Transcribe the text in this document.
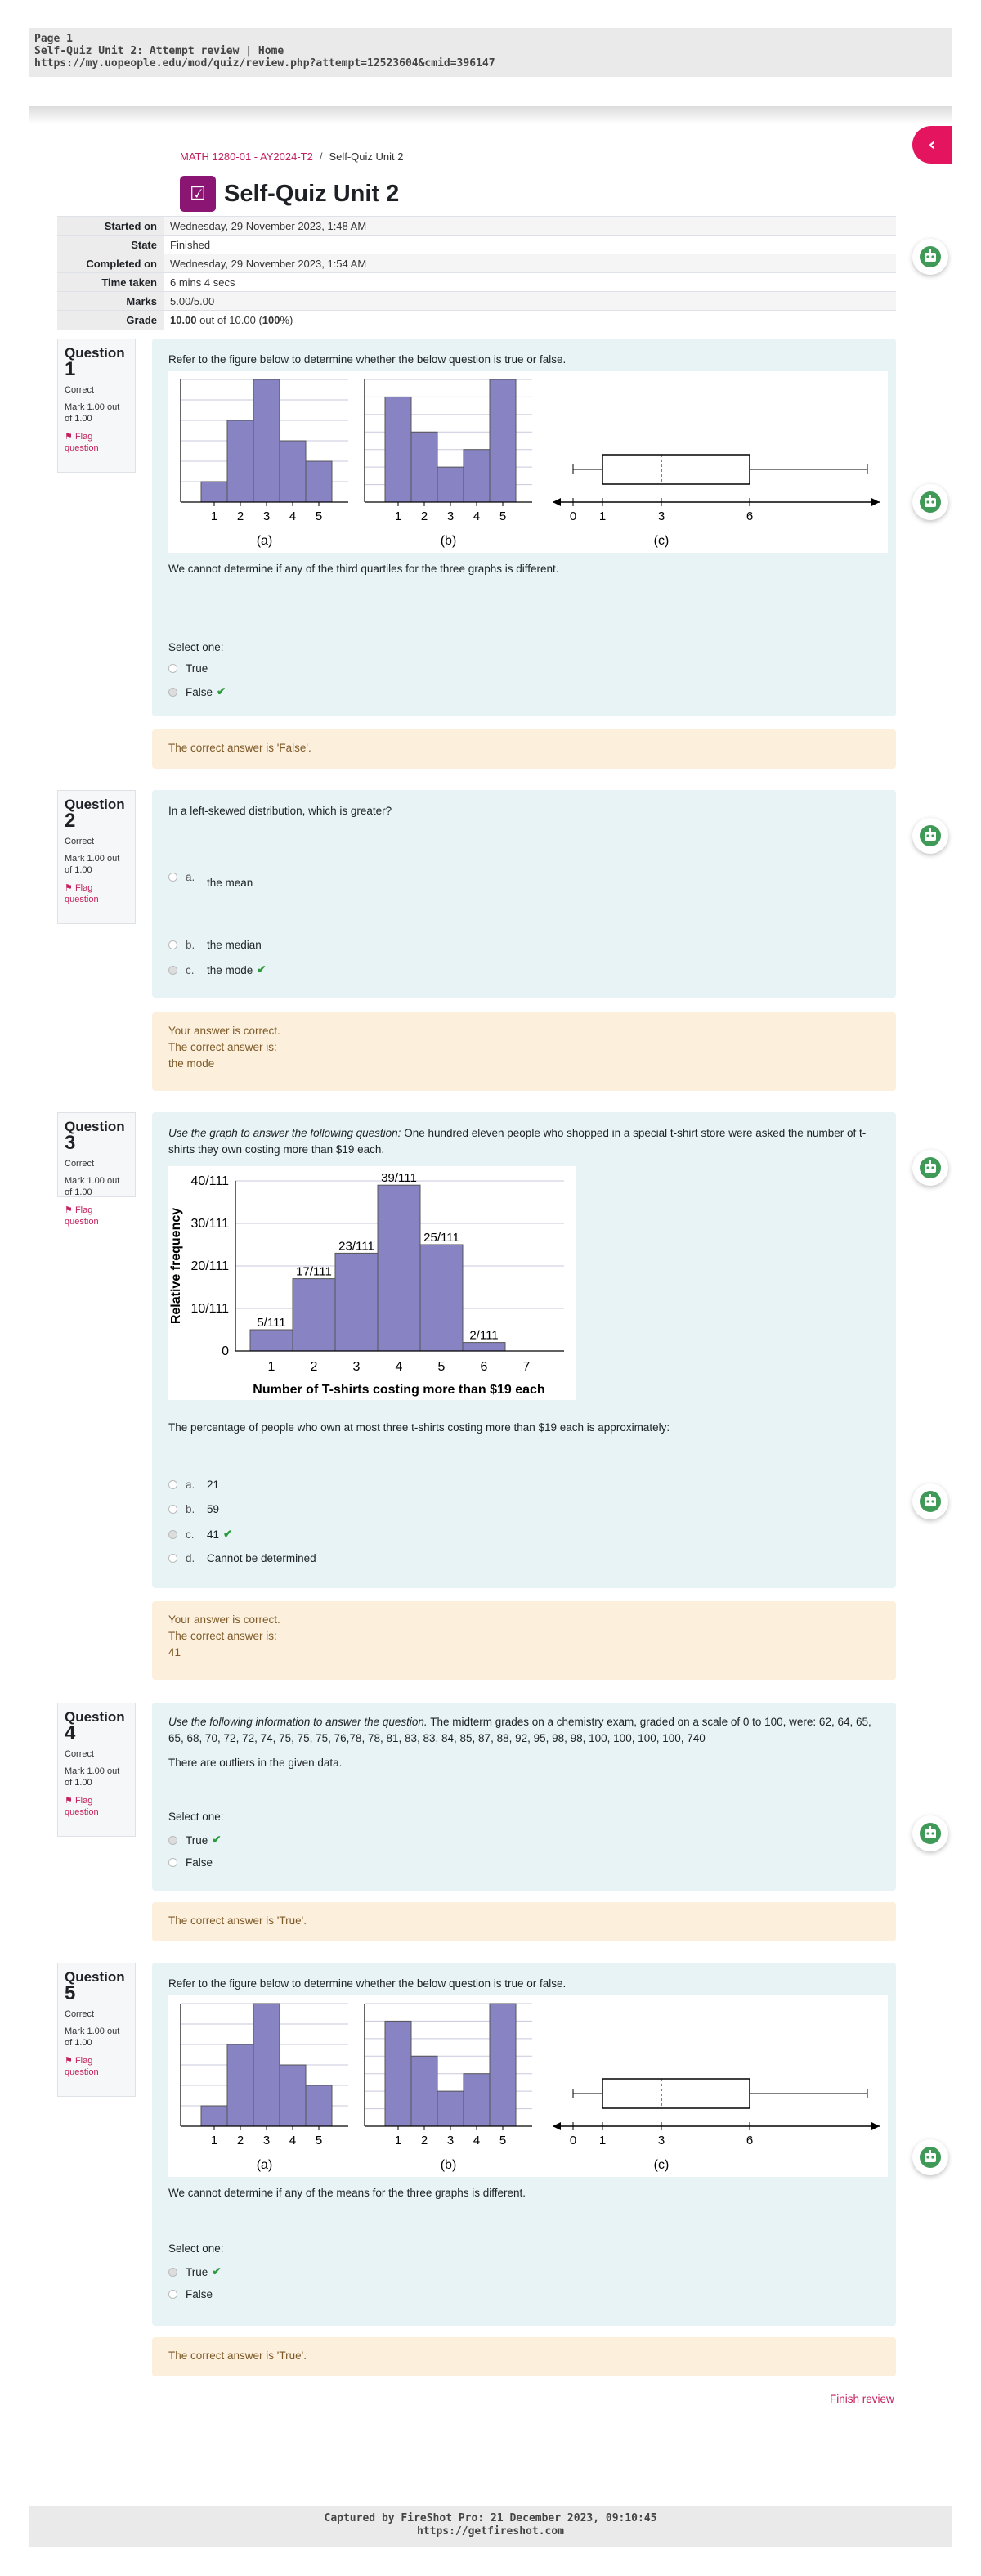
Page 1
Self-Quiz Unit 2: Attempt review | Home
https://my.uopeople.edu/mod/quiz/review.php?attempt=12523604&cmid=396147
‹
MATH 1280-01 - AY2024-T2 / Self-Quiz Unit 2
☑ Self-Quiz Unit 2
Started on	Wednesday, 29 November 2023, 1:48 AM
State	Finished
Completed on	Wednesday, 29 November 2023, 1:54 AM
Time taken	6 mins 4 secs
Marks	5.00/5.00
Grade	10.00 out of 10.00 (100%)
Question
1
Correct
Mark 1.00 out of 1.00
⚑ Flag question
Refer to the figure below to determine whether the below question is true or false.
1 2 3 4 5
(a)
1 2 3 4 5
(b)
0 1	3	6
(c)
We cannot determine if any of the third quartiles for the three graphs is different.
Select one:
True
False ✔
The correct answer is 'False'.
Question
2
Correct
Mark 1.00 out of 1.00
⚑ Flag question
In a left-skewed distribution, which is greater?
a.	the mean
b.	the median
c.	the mode ✔
Your answer is correct.
The correct answer is:
the mode
Question
3
Correct
Mark 1.00 out of 1.00
⚑ Flag question
Use the graph to answer the following question: One hundred eleven people who shopped in a special t-shirt store were asked the number of t-shirts they own costing more than $19 each.
0
10/111
20/111
30/111
40/111
5/111
1
17/111
2
23/111
3
39/111
4
25/111
5
2/111
6	7
Number of T-shirts costing more than $19 each
Relative frequency
The percentage of people who own at most three t-shirts costing more than $19 each is approximately:
a.	21
b.	59
c.	41 ✔
d.	Cannot be determined
Your answer is correct.
The correct answer is:
41
Question
4
Correct
Mark 1.00 out of 1.00
⚑ Flag question
Use the following information to answer the question. The midterm grades on a chemistry exam, graded on a scale of 0 to 100, were: 62, 64, 65, 65, 68, 70, 72, 72, 74, 75, 75, 75, 76,78, 78, 81, 83, 83, 84, 85, 87, 88, 92, 95, 98, 98, 100, 100, 100, 100, 740
There are outliers in the given data.
Select one:
True ✔
False
The correct answer is 'True'.
Question
5
Correct
Mark 1.00 out of 1.00
⚑ Flag question
Refer to the figure below to determine whether the below question is true or false.
1 2 3 4 5
(a)
1 2 3 4 5
(b)
0 1	3	6
(c)
We cannot determine if any of the means for the three graphs is different.
Select one:
True ✔
False
The correct answer is 'True'.
Finish review
Captured by FireShot Pro: 21 December 2023, 09:10:45
https://getfireshot.com
